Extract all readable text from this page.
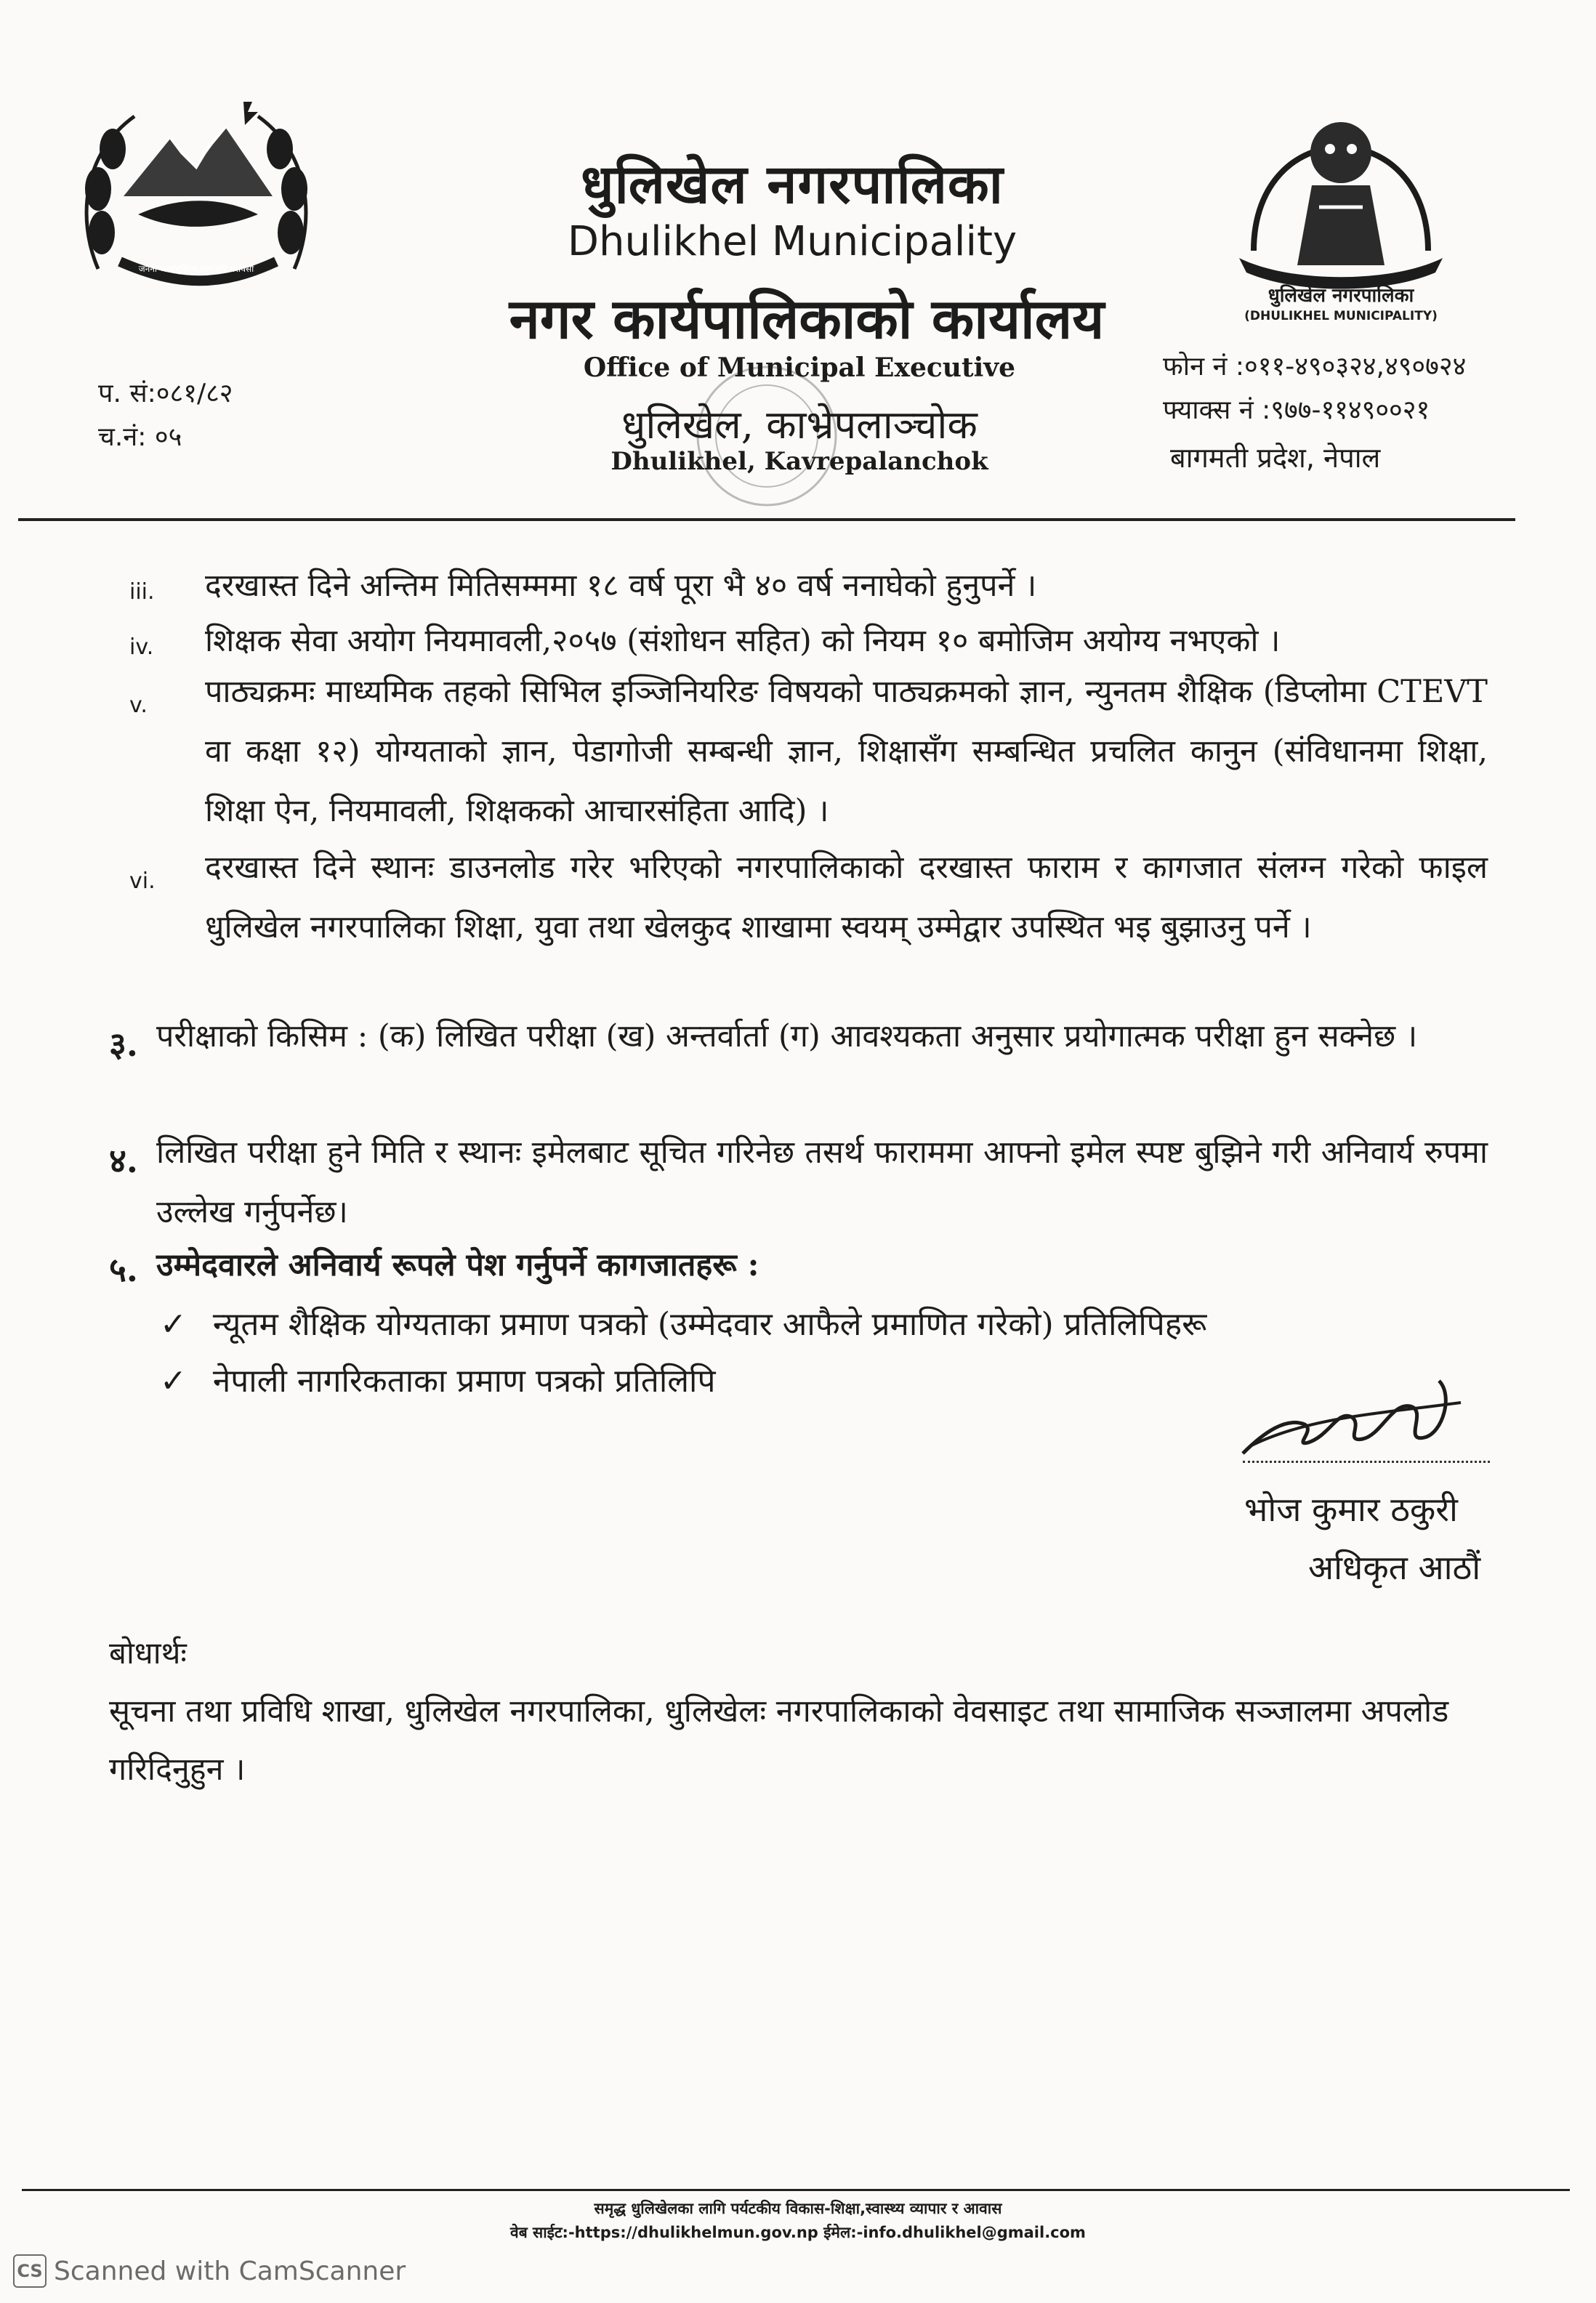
जननी जन्मभूमिश्च स्वर्गादपि गरीयसी
धुलिखेल नगरपालिका
(DHULIKHEL MUNICIPALITY)
धुलिखेल नगरपालिका
Dhulikhel Municipality
नगर कार्यपालिकाको कार्यालय
Office of Municipal Executive
धुलिखेल, काभ्रेपलाञ्चोक
Dhulikhel, Kavrepalanchok
प. सं:०८१/८२
च.नं: ०५
फोन नं :०११-४९०३२४,४९०७२४
फ्याक्स नं :९७७-११४९००२१
बागमती प्रदेश, नेपाल
iii. दरखास्त दिने अन्तिम मितिसम्ममा १८ वर्ष पूरा भै ४० वर्ष ननाघेको हुनुपर्ने ।
iv. शिक्षक सेवा अयोग नियमावली,२०५७ (संशोधन सहित) को नियम १० बमोजिम अयोग्य नभएको ।
v. पाठ्यक्रमः माध्यमिक तहको सिभिल इञ्जिनियरिङ विषयको पाठ्यक्रमको ज्ञान, न्युनतम शैक्षिक (डिप्लोमा CTEVT वा कक्षा १२) योग्यताको ज्ञान, पेडागोजी सम्बन्धी ज्ञान, शिक्षासँग सम्बन्धित प्रचलित कानुन (संविधानमा शिक्षा, शिक्षा ऐन, नियमावली, शिक्षकको आचारसंहिता आदि) ।
vi. दरखास्त दिने स्थानः डाउनलोड गरेर भरिएको नगरपालिकाको दरखास्त फाराम र कागजात संलग्न गरेको फाइल धुलिखेल नगरपालिका शिक्षा, युवा तथा खेलकुद शाखामा स्वयम् उम्मेद्वार उपस्थित भइ बुझाउनु पर्ने ।
३. परीक्षाको किसिम : (क) लिखित परीक्षा (ख) अन्तर्वार्ता (ग) आवश्यकता अनुसार प्रयोगात्मक परीक्षा हुन सक्नेछ ।
४. लिखित परीक्षा हुने मिति र स्थानः इमेलबाट सूचित गरिनेछ तसर्थ फाराममा आफ्नो इमेल स्पष्ट बुझिने गरी अनिवार्य रुपमा उल्लेख गर्नुपर्नेछ।
५. उम्मेदवारले अनिवार्य रूपले पेश गर्नुपर्ने कागजातहरू :
✓ न्यूतम शैक्षिक योग्यताका प्रमाण पत्रको (उम्मेदवार आफैले प्रमाणित गरेको) प्रतिलिपिहरू
✓ नेपाली नागरिकताका प्रमाण पत्रको प्रतिलिपि
भोज कुमार ठकुरी
अधिकृत आठौं
बोधार्थः
सूचना तथा प्रविधि शाखा, धुलिखेल नगरपालिका, धुलिखेलः नगरपालिकाको वेवसाइट तथा सामाजिक सञ्जालमा अपलोड गरिदिनुहुन ।
समृद्ध धुलिखेलका लागि पर्यटकीय विकास-शिक्षा,स्वास्थ्य व्यापार र आवास
वेब साईट:-https://dhulikhelmun.gov.np ईमेल:-info.dhulikhel@gmail.com
CS Scanned with CamScanner
